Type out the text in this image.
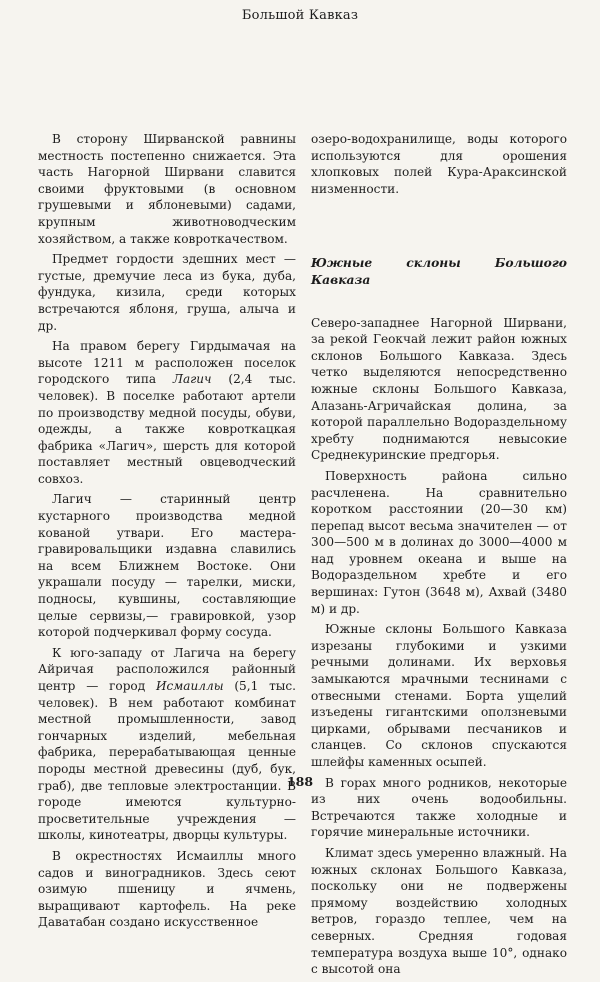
Большой Кавказ

В сторону Ширванской равнины местность постепенно снижается. Эта часть Нагорной Ширвани славится своими фруктовыми (в основном грушевыми и яблоневыми) садами, крупным животноводческим хозяйством, а также ковроткачеством.

Предмет гордости здешних мест — густые, дремучие леса из бука, дуба, фундука, кизила, среди которых встречаются яблоня, груша, алыча и др.

На правом берегу Гирдымачая на высоте 1211 м расположен поселок городского типа Лагич (2,4 тыс. человек). В поселке работают артели по производству медной посуды, обуви, одежды, а также ковроткацкая фабрика «Лагич», шерсть для которой поставляет местный овцеводческий совхоз.

Лагич — старинный центр кустарного производства медной кованой утвари. Его мастера-гравировальщики издавна славились на всем Ближнем Востоке. Они украшали посуду — тарелки, миски, подносы, кувшины, составляющие целые сервизы,— гравировкой, узор которой подчеркивал форму сосуда.

К юго-западу от Лагича на берегу Айричая расположился районный центр — город Исмаиллы (5,1 тыс. человек). В нем работают комбинат местной промышленности, завод гончарных изделий, мебельная фабрика, перерабатывающая ценные породы местной древесины (дуб, бук, граб), две тепловые электростанции. В городе имеются культурно-просветительные учреждения — школы, кинотеатры, дворцы культуры.

В окрестностях Исмаиллы много садов и виноградников. Здесь сеют озимую пшеницу и ячмень, выращивают картофель. На реке Даватабан создано искусственное

озеро-водохранилище, воды которого используются для орошения хлопковых полей Кура-Араксинской низменности.

Южные склоны Большого Кавказа

Северо-западнее Нагорной Ширвани, за рекой Геокчай лежит район южных склонов Большого Кавказа. Здесь четко выделяются непосредственно южные склоны Большого Кавказа, Алазань-Агричайская долина, за которой параллельно Водораздельному хребту поднимаются невысокие Среднекуринские предгорья.

Поверхность района сильно расчленена. На сравнительно коротком расстоянии (20—30 км) перепад высот весьма значителен — от 300—500 м в долинах до 3000—4000 м над уровнем океана и выше на Водораздельном хребте и его вершинах: Гутон (3648 м), Ахвай (3480 м) и др.

Южные склоны Большого Кавказа изрезаны глубокими и узкими речными долинами. Их верховья замыкаются мрачными теснинами с отвесными стенами. Борта ущелий изъедены гигантскими оползневыми цирками, обрывами песчаников и сланцев. Со склонов спускаются шлейфы каменных осыпей.

В горах много родников, некоторые из них очень водообильны. Встречаются также холодные и горячие минеральные источники.

Климат здесь умеренно влажный. На южных склонах Большого Кавказа, поскольку они не подвержены прямому воздействию холодных ветров, гораздо теплее, чем на северных. Средняя годовая температура воздуха выше 10°, однако с высотой она

188
